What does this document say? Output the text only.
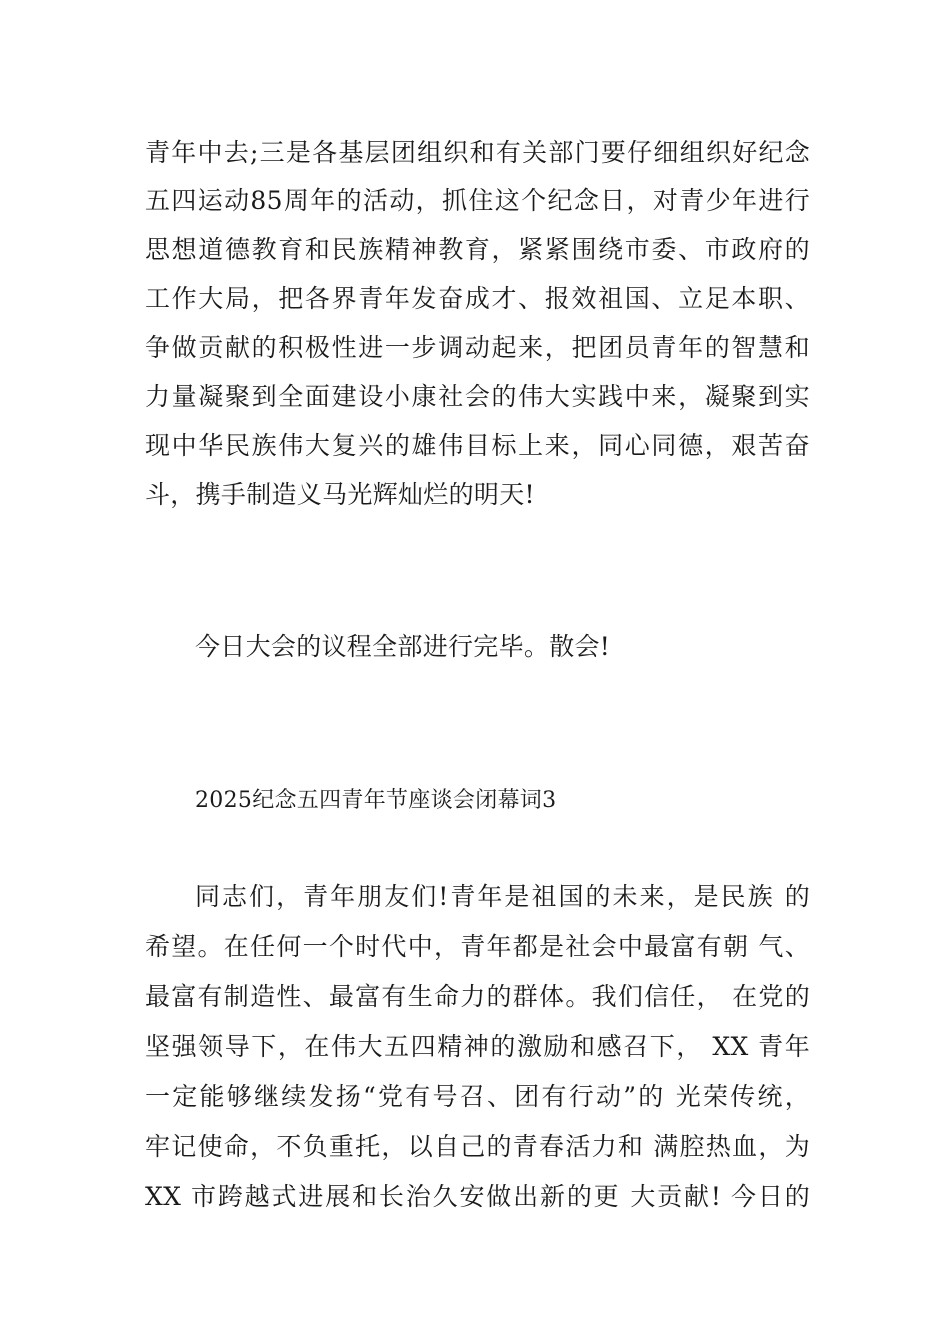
青年中去;三是各基层团组织和有关部门要仔细组织好纪念
五四运动85周年的活动，抓住这个纪念日，对青少年进行
思想道德教育和民族精神教育，紧紧围绕市委、市政府的
工作大局，把各界青年发奋成才、报效祖国、立足本职、
争做贡献的积极性进一步调动起来，把团员青年的智慧和
力量凝聚到全面建设小康社会的伟大实践中来，凝聚到实
现中华民族伟大复兴的雄伟目标上来，同心同德，艰苦奋
斗，携手制造义马光辉灿烂的明天!
今日大会的议程全部进行完毕。散会!
2025纪念五四青年节座谈会闭幕词3
同志们，青年朋友们!青年是祖国的未来，是民族 的
希望。在任何一个时代中，青年都是社会中最富有朝 气、
最富有制造性、最富有生命力的群体。我们信任， 在党的
坚强领导下，在伟大五四精神的激励和感召下， XX 青年
一定能够继续发扬“党有号召、团有行动”的 光荣传统，
牢记使命，不负重托，以自己的青春活力和 满腔热血，为
XX 市跨越式进展和长治久安做出新的更 大贡献! 今日的
